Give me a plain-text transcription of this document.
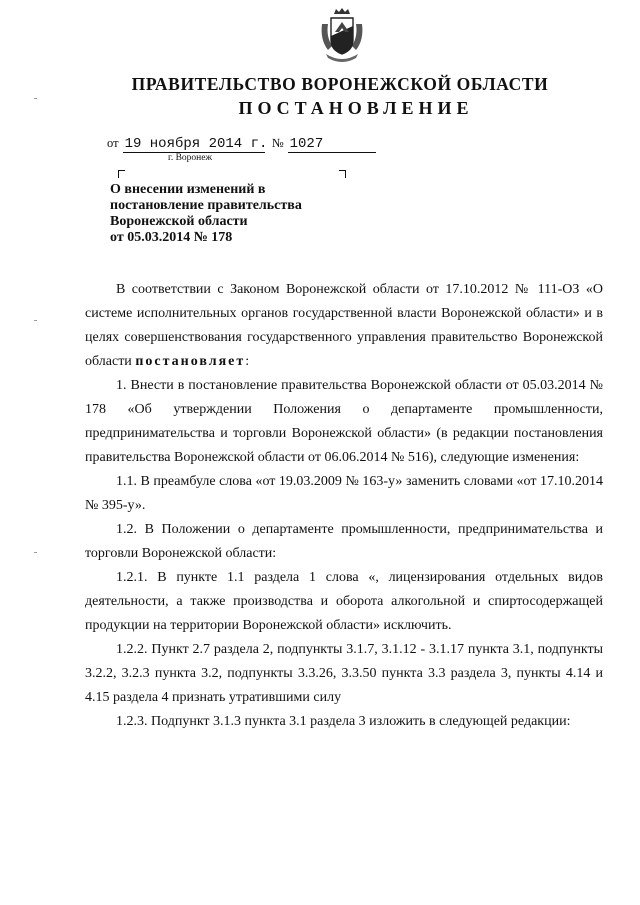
ПРАВИТЕЛЬСТВО ВОРОНЕЖСКОЙ ОБЛАСТИ
ПОСТАНОВЛЕНИЕ
от 19 ноября 2014 г. № 1027
г. Воронеж
О внесении изменений в
постановление правительства
Воронежской области
от 05.03.2014 № 178

В соответствии с Законом Воронежской области от 17.10.2012 № 111-ОЗ «О системе исполнительных органов государственной власти Воронежской области» и в целях совершенствования государственного управления правительство Воронежской области постановляет:

1. Внести в постановление правительства Воронежской области от 05.03.2014 № 178 «Об утверждении Положения о департаменте промышленности, предпринимательства и торговли Воронежской области» (в редакции постановления правительства Воронежской области от 06.06.2014 № 516), следующие изменения:

1.1. В преамбуле слова «от 19.03.2009 № 163-у» заменить словами «от 17.10.2014 № 395-у».

1.2. В Положении о департаменте промышленности, предпринимательства и торговли Воронежской области:

1.2.1. В пункте 1.1 раздела 1 слова «, лицензирования отдельных видов деятельности, а также производства и оборота алкогольной и спиртосодержащей продукции на территории Воронежской области» исключить.

1.2.2. Пункт 2.7 раздела 2, подпункты 3.1.7, 3.1.12 - 3.1.17 пункта 3.1, подпункты 3.2.2, 3.2.3 пункта 3.2, подпункты 3.3.26, 3.3.50 пункта 3.3 раздела 3, пункты 4.14 и 4.15 раздела 4 признать утратившими силу

1.2.3. Подпункт 3.1.3 пункта 3.1 раздела 3 изложить в следующей редакции:
